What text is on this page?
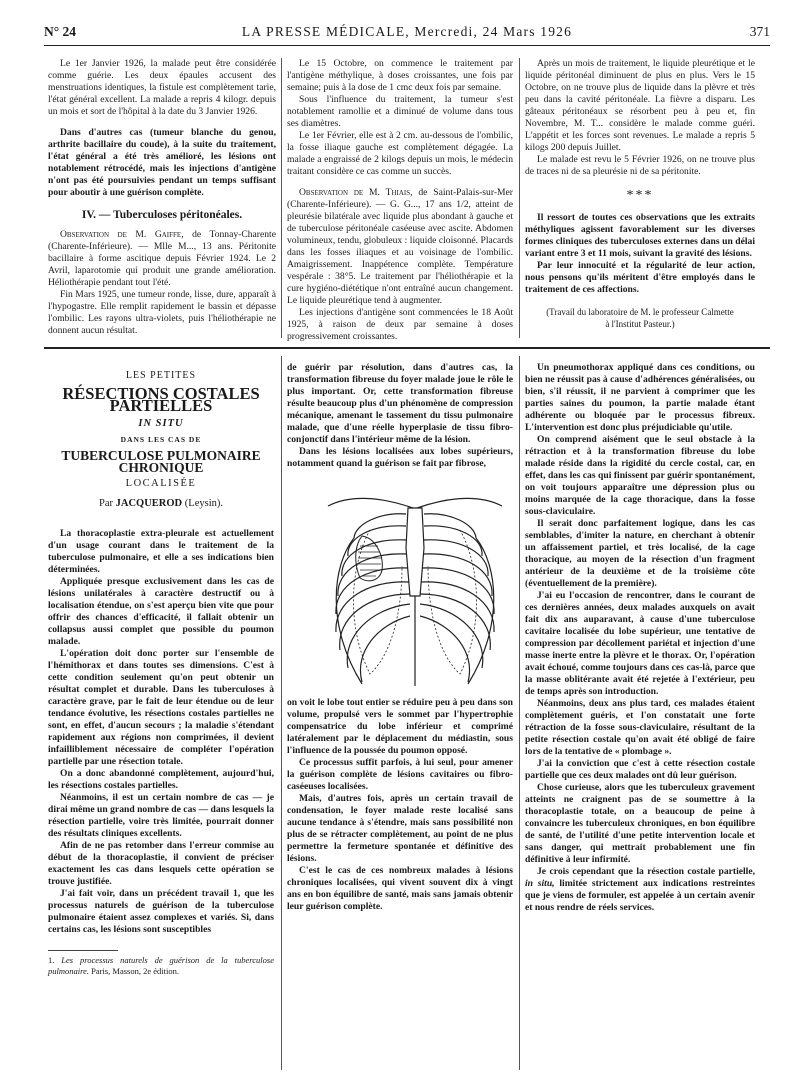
N° 24	LA PRESSE MÉDICALE, Mercredi, 24 Mars 1926	371

Le 1er Janvier 1926, la malade peut être considérée comme guérie. Les deux épaules accusent des menstruations identiques, la fistule est complètement tarie, l'état général excellent. La malade a repris 4 kilogr. depuis un mois et sort de l'hôpital à la date du 3 Janvier 1926.

Dans d'autres cas (tumeur blanche du genou, arthrite bacillaire du coude), à la suite du traitement, l'état général a été très amélioré, les lésions ont notablement rétrocédé, mais les injections d'antigène n'ont pas été poursuivies pendant un temps suffisant pour aboutir à une guérison complète.

IV. — Tuberculoses péritonéales.

Observation de M. Gaiffe, de Tonnay-Charente (Charente-Inférieure). — Mlle M..., 13 ans. Péritonite bacillaire à forme ascitique depuis Février 1924. Le 2 Avril, laparotomie qui produit une grande amélioration. Héliothérapie pendant tout l'été.

Fin Mars 1925, une tumeur ronde, lisse, dure, apparaît à l'hypogastre. Elle remplit rapidement le bassin et dépasse l'ombilic. Les rayons ultra-violets, puis l'héliothérapie ne donnent aucun résultat.

Le 15 Octobre, on commence le traitement par l'antigène méthylique, à doses croissantes, une fois par semaine; puis à la dose de 1 cmc deux fois par semaine.

Sous l'influence du traitement, la tumeur s'est notablement ramollie et a diminué de volume dans tous ses diamètres.

Le 1er Février, elle est à 2 cm. au-dessous de l'ombilic, la fosse iliaque gauche est complètement dégagée. La malade a engraissé de 2 kilogs depuis un mois, le médecin traitant considère ce cas comme un succès.

Observation de M. Thiais, de Saint-Palais-sur-Mer (Charente-Inférieure). — G. G..., 17 ans 1/2, atteint de pleurésie bilatérale avec liquide plus abondant à gauche et de tuberculose péritonéale caséeuse avec ascite. Abdomen volumineux, tendu, globuleux : liquide cloisonné. Placards dans les fosses iliaques et au voisinage de l'ombilic. Amaigrissement. Inappétence complète. Température vespérale : 38°5. Le traitement par l'héliothérapie et la cure hygiéno-diététique n'ont entraîné aucun changement. Le liquide pleurétique tend à augmenter.

Les injections d'antigène sont commencées le 18 Août 1925, à raison de deux par semaine à doses progressivement croissantes.

Après un mois de traitement, le liquide pleurétique et le liquide péritonéal diminuent de plus en plus. Vers le 15 Octobre, on ne trouve plus de liquide dans la plèvre et très peu dans la cavité péritonéale. La fièvre a disparu. Les gâteaux péritonéaux se résorbent peu à peu et, fin Novembre, M. T... considère le malade comme guéri. L'appétit et les forces sont revenues. Le malade a repris 5 kilogs 200 depuis Juillet.

Le malade est revu le 5 Février 1926, on ne trouve plus de traces ni de sa pleurésie ni de sa péritonite.

***

Il ressort de toutes ces observations que les extraits méthyliques agissent favorablement sur les diverses formes cliniques des tuberculoses externes dans un délai variant entre 3 et 11 mois, suivant la gravité des lésions.

Par leur innocuité et la régularité de leur action, nous pensons qu'ils méritent d'être employés dans le traitement de ces affections.

(Travail du laboratoire de M. le professeur Calmette
à l'Institut Pasteur.)
LES PETITES
RÉSECTIONS COSTALES PARTIELLES
IN SITU
DANS LES CAS DE
TUBERCULOSE PULMONAIRE CHRONIQUE
LOCALISÉE
Par JACQUEROD (Leysin).

La thoracoplastie extra-pleurale est actuellement d'un usage courant dans le traitement de la tuberculose pulmonaire, et elle a ses indications bien déterminées.

Appliquée presque exclusivement dans les cas de lésions unilatérales à caractère destructif ou à localisation étendue, on s'est aperçu bien vite que pour offrir des chances d'efficacité, il fallait obtenir un collapsus aussi complet que possible du poumon malade.

L'opération doit donc porter sur l'ensemble de l'hémithorax et dans toutes ses dimensions. C'est à cette condition seulement qu'on peut obtenir un résultat complet et durable. Dans les tuberculoses à caractère grave, par le fait de leur étendue ou de leur tendance évolutive, les résections costales partielles ne sont, en effet, d'aucun secours ; la maladie s'étendant rapidement aux régions non comprimées, il devient infailliblement nécessaire de compléter l'opération partielle par une résection totale.

On a donc abandonné complètement, aujourd'hui, les résections costales partielles.

Néanmoins, il est un certain nombre de cas — je dirai même un grand nombre de cas — dans lesquels la résection partielle, voire très limitée, pourrait donner des résultats cliniques excellents.

Afin de ne pas retomber dans l'erreur commise au début de la thoracoplastie, il convient de préciser exactement les cas dans lesquels cette opération se trouve justifiée.

J'ai fait voir, dans un précédent travail 1, que les processus naturels de guérison de la tuberculose pulmonaire étaient assez complexes et variés. Si, dans certains cas, les lésions sont susceptibles

1. Les processus naturels de guérison de la tuberculose pulmonaire. Paris, Masson, 2e édition.

de guérir par résolution, dans d'autres cas, la transformation fibreuse du foyer malade joue le rôle le plus important. Or, cette transformation fibreuse résulte beaucoup plus d'un phénomène de compression mécanique, amenant le tassement du tissu pulmonaire malade, que d'une réelle hyperplasie de tissu fibro-conjonctif dans l'intérieur même de la lésion.

Dans les lésions localisées aux lobes supérieurs, notamment quand la guérison se fait par fibrose,

on voit le lobe tout entier se réduire peu à peu dans son volume, propulsé vers le sommet par l'hypertrophie compensatrice du lobe inférieur et comprimé latéralement par le déplacement du médiastin, sous l'influence de la poussée du poumon opposé.

Ce processus suffit parfois, à lui seul, pour amener la guérison complète de lésions cavitaires ou fibro-caséeuses localisées.

Mais, d'autres fois, après un certain travail de condensation, le foyer malade reste localisé sans aucune tendance à s'étendre, mais sans possibilité non plus de se rétracter complètement, au point de ne plus permettre la fermeture spontanée et définitive des lésions.

C'est le cas de ces nombreux malades à lésions chroniques localisées, qui vivent souvent dix à vingt ans en bon équilibre de santé, mais sans jamais obtenir leur guérison complète.

Un pneumothorax appliqué dans ces conditions, ou bien ne réussit pas à cause d'adhérences généralisées, ou bien, s'il réussit, il ne parvient à comprimer que les parties saines du poumon, la partie malade étant adhérente ou bloquée par le processus fibreux. L'intervention est donc plus préjudiciable qu'utile.

On comprend aisément que le seul obstacle à la rétraction et à la transformation fibreuse du lobe malade réside dans la rigidité du cercle costal, car, en effet, dans les cas qui finissent par guérir spontanément, on voit toujours apparaître une dépression plus ou moins marquée de la cage thoracique, dans la fosse sous-claviculaire.

Il serait donc parfaitement logique, dans les cas semblables, d'imiter la nature, en cherchant à obtenir un affaissement partiel, et très localisé, de la cage thoracique, au moyen de la résection d'un fragment antérieur de la deuxième et de la troisième côte (éventuellement de la première).

J'ai eu l'occasion de rencontrer, dans le courant de ces dernières années, deux malades auxquels on avait fait dix ans auparavant, à cause d'une tuberculose cavitaire localisée du lobe supérieur, une tentative de compression par décollement pariétal et injection d'une masse inerte entre la plèvre et le thorax. Or, l'opération avait échoué, comme toujours dans ces cas-là, parce que la masse oblitérante avait été rejetée à l'extérieur, peu de temps après son introduction.

Néanmoins, deux ans plus tard, ces malades étaient complètement guéris, et l'on constatait une forte rétraction de la fosse sous-claviculaire, résultant de la petite résection costale qu'on avait été obligé de faire lors de la tentative de « plombage ».

J'ai la conviction que c'est à cette résection costale partielle que ces deux malades ont dû leur guérison.

Chose curieuse, alors que les tuberculeux gravement atteints ne craignent pas de se soumettre à la thoracoplastie totale, on a beaucoup de peine à convaincre les tuberculeux chroniques, en bon équilibre de santé, de l'utilité d'une petite intervention locale et sans danger, qui mettrait probablement une fin définitive à leur infirmité.

Je crois cependant que la résection costale partielle, in situ, limitée strictement aux indications restreintes que je viens de formuler, est appelée à un certain avenir et nous rendre de réels services.
